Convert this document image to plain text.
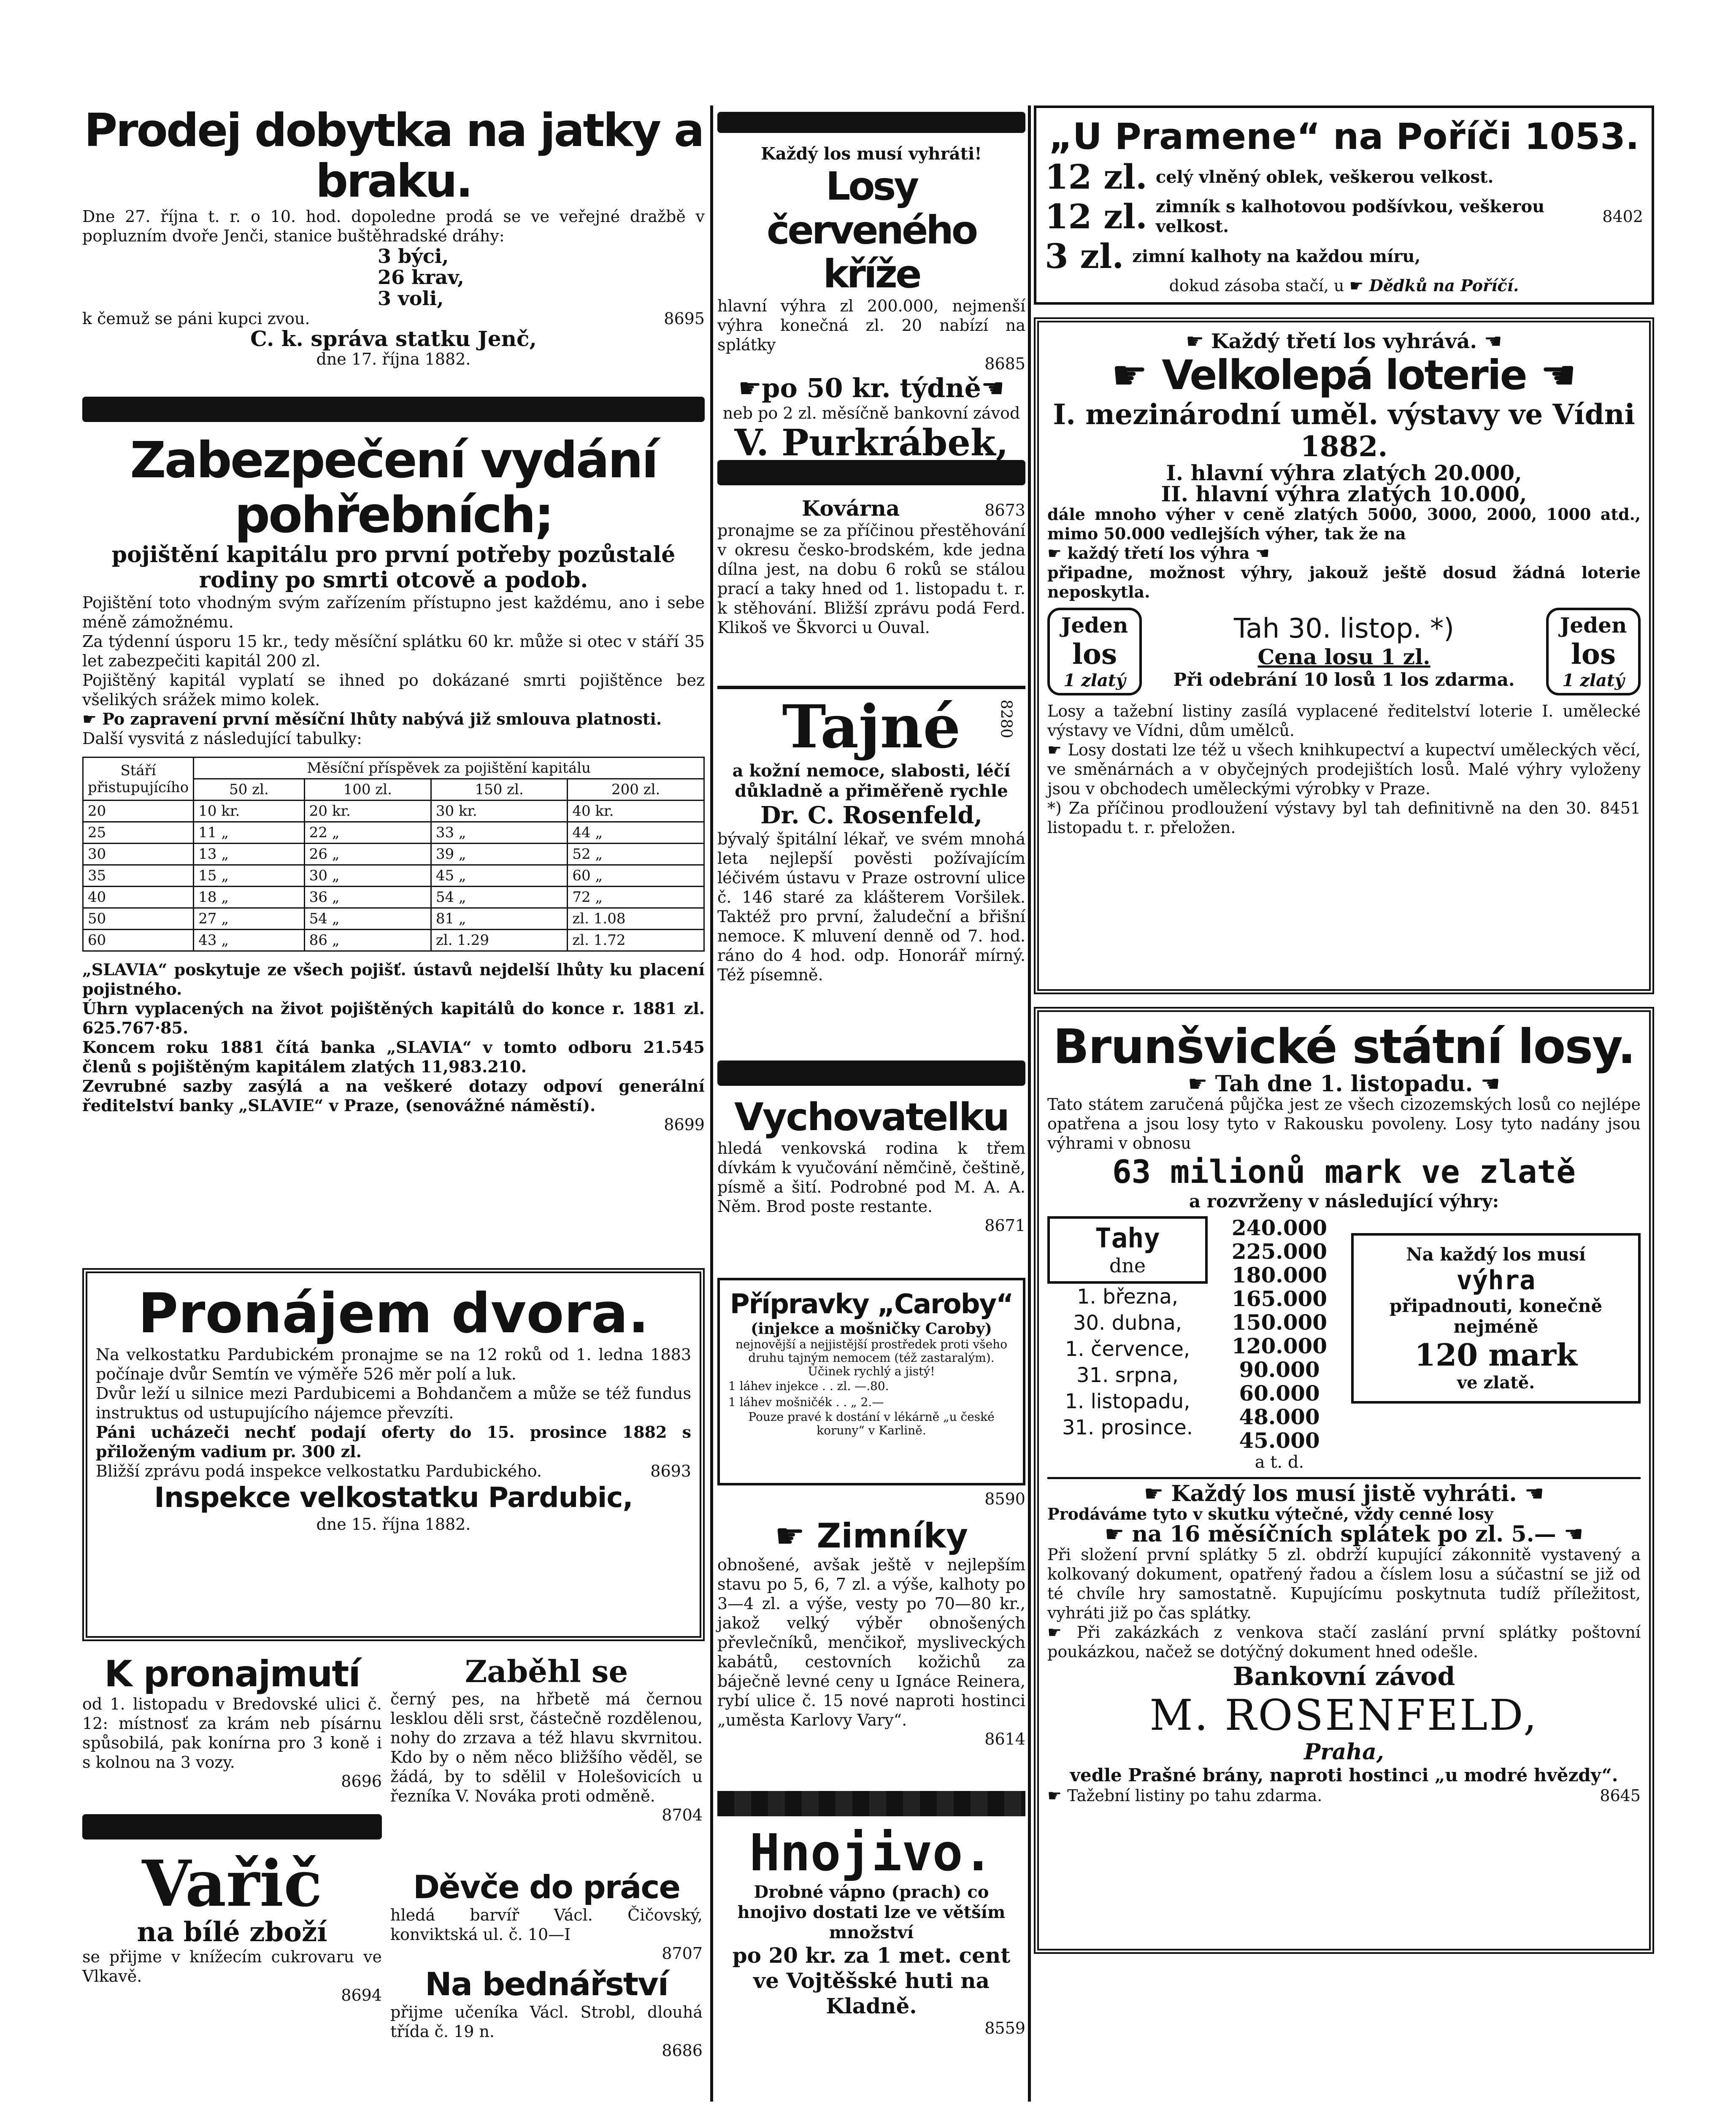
Prodej dobytka na jatky a braku.
Dne 27. října t. r. o 10. hod. dopoledne prodá se ve veřejné dražbě v popluzním dvoře Jenči, stanice buštěhradské dráhy:
3 býci,
26 krav,
3 voli,
k čemuž se páni kupci zvou.	8695
C. k. správa statku Jenč,
dne 17. října 1882.
Zabezpečení vydání pohřebních;
pojištění kapitálu pro první potřeby pozůstalé rodiny po smrti otcově a podob.
Pojištění toto vhodným svým zařízením přístupno jest každému, ano i sebe méně zámožnému.
Za týdenní úsporu 15 kr., tedy měsíční splátku 60 kr. může si otec v stáří 35 let zabezpečiti kapitál 200 zl.
Pojištěný kapitál vyplatí se ihned po dokázané smrti pojištěnce bez všelikých srážek mimo kolek.
☛ Po zapravení první měsíční lhůty nabývá již smlouva platnosti.
Další vysvitá z následující tabulky:
Stáří přistupujícího	Měsíční příspěvek za pojištění kapitálu			
	50 zl.	100 zl.	150 zl.	200 zl.
20	10 kr.	20 kr.	30 kr.	40 kr.
25	11 „	22 „	33 „	44 „
30	13 „	26 „	39 „	52 „
35	15 „	30 „	45 „	60 „
40	18 „	36 „	54 „	72 „
50	27 „	54 „	81 „	zl. 1.08
60	43 „	86 „	zl. 1.29	zl. 1.72
„SLAVIA“ poskytuje ze všech pojišť. ústavů nejdelší lhůty ku placení pojistného.
Úhrn vyplacených na život pojištěných kapitálů do konce r. 1881 zl. 625.767·85.
Koncem roku 1881 čítá banka „SLAVIA“ v tomto odboru 21.545 členů s pojištěným kapitálem zlatých 11,983.210.
Zevrubné sazby zasýlá a na veškeré dotazy odpoví generální ředitelství banky „SLAVIE“ v Praze, (senovážné náměstí).
8699
Pronájem dvora.
Na velkostatku Pardubickém pronajme se na 12 roků od 1. ledna 1883 počínaje dvůr Semtín ve výměře 526 měr polí a luk.
Dvůr leží u silnice mezi Pardubicemi a Bohdančem a může se též fundus instruktus od ustupujícího nájemce převzíti.
Páni ucházeči nechť podají oferty do 15. prosince 1882 s přiloženým vadium pr. 300 zl.
Bližší zprávu podá inspekce velkostatku Pardubického.	8693
Inspekce velkostatku Pardubic,
dne 15. října 1882.
K pronajmutí
od 1. listopadu v Bredovské ulici č. 12: místnosť za krám neb písárnu spůsobilá, pak konírna pro 3 koně i s kolnou na 3 vozy.
8696
Vařič
na bílé zboží
se přijme v knížecím cukrovaru ve Vlkavě.
8694
Zaběhl se
černý pes, na hřbetě má černou lesklou děli srst, částečně rozdělenou, nohy do zrzava a též hlavu skvrnitou. Kdo by o něm něco bližšího věděl, se žádá, by to sdělil v Holešovicích u řezníka V. Nováka proti odměně.
8704
Děvče do práce
hledá barvíř Václ. Čičovský, konviktská ul. č. 10—I
8707
Na bednářství
přijme učeníka Václ. Strobl, dlouhá třída č. 19 n.
8686
Každý los musí vyhráti!
Losy červeného kříže
hlavní výhra zl 200.000, nejmenší výhra konečná zl. 20 nabízí na splátky
8685
☛po 50 kr. týdně☚
neb po 2 zl. měsíčně bankovní závod
V. Purkrábek,
Praha, bredovská ulice 13.
Kovárna	8673
pronajme se za příčinou přestěhování v okresu česko-brodském, kde jedna dílna jest, na dobu 6 roků se stálou prací a taky hned od 1. listopadu t. r. k stěhování. Bližší zprávu podá Ferd. Klikoš ve Škvorci u Ouval.
Tajné	8280
a kožní nemoce, slabosti, léčí důkladně a přiměřeně rychle
Dr. C. Rosenfeld,
bývalý špitální lékař, ve svém mnohá leta nejlepší pověsti požívajícím léčivém ústavu v Praze ostrovní ulice č. 146 staré za klášterem Voršilek. Taktéž pro první, žaludeční a břišní nemoce. K mluvení denně od 7. hod. ráno do 4 hod. odp. Honorář mírný. Též písemně.
Vychovatelku
hledá venkovská rodina k třem dívkám k vyučování němčině, češtině, písmě a šití. Podrobné pod M. A. A. Něm. Brod poste restante.
8671
Přípravky „Caroby“
(injekce a mošničky Caroby)
nejnovější a nejjistější prostředek proti všeho druhu tajným nemocem (též zastaralým). Účinek rychlý a jistý!
1 láhev injekce . . zl. —.80.
1 láhev mošničék . . „ 2.—
Pouze pravé k dostání v lékárně „u české koruny“ v Karlině.
8590
☛ Zimníky
obnošené, avšak ještě v nejlepším stavu po 5, 6, 7 zl. a výše, kalhoty po 3—4 zl. a výše, vesty po 70—80 kr., jakož velký výběr obnošených převlečníků, menčikoř, mysliveckých kabátů, cestovních kožichů za báječně levné ceny u Ignáce Reinera, rybí ulice č. 15 nové naproti hostinci „uměsta Karlovy Vary“.
8614
Hnojivo.
Drobné vápno (prach) co hnojivo dostati lze ve větším množství
po 20 kr. za 1 met. cent
ve Vojtěšské huti na Kladně.
8559
„U Pramene“ na Poříči 1053.
12 zl. celý vlněný oblek, veškerou velkost.
12 zl. zimník s kalhotovou podšívkou, veškerou velkost.	8402
3 zl. zimní kalhoty na každou míru,
dokud zásoba stačí, u ☛ Dědků na Poříčí.
☛ Každý třetí los vyhrává. ☚
☛ Velkolepá loterie ☚
I. mezinárodní uměl. výstavy ve Vídni 1882.
I. hlavní výhra zlatých 20.000,
II. hlavní výhra zlatých 10.000,
dále mnoho výher v ceně zlatých 5000, 3000, 2000, 1000 atd., mimo 50.000 vedlejších výher, tak že na
☛ každý třetí los výhra ☚
připadne, možnost výhry, jakouž ještě dosud žádná loterie neposkytla.
Jeden
los
1 zlatý
Tah 30. listop. *)
Cena losu 1 zl.
Při odebrání 10 losů 1 los zdarma.
Jeden
los
1 zlatý
Losy a tažební listiny zasílá vyplacené ředitelství loterie I. umělecké výstavy ve Vídni, dům umělců.
☛ Losy dostati lze též u všech knihkupectví a kupectví uměleckých věcí, ve směnárnách a v obyčejných prodejištích losů. Malé výhry vyloženy jsou v obchodech uměleckými výrobky v Praze.
*) Za příčinou prodloužení výstavy byl tah definitivně na den 30. listopadu t. r. přeložen.
8451
Brunšvické státní losy.
☛ Tah dne 1. listopadu. ☚
Tato státem zaručená půjčka jest ze všech cizozemských losů co nejlépe opatřena a jsou losy tyto v Rakousku povoleny. Losy tyto nadány jsou výhrami v obnosu
63 milionů mark ve zlatě
a rozvrženy v následující výhry:
Tahy
dne
1. března,
30. dubna,
1. července,
31. srpna,
1. listopadu,
31. prosince.
240.000
225.000
180.000
165.000
150.000
120.000
90.000
60.000
48.000
45.000
a t. d.
Na každý los musí
výhra
připadnouti, konečně nejméně
120 mark
ve zlatě.
☛ Každý los musí jistě vyhráti. ☚
Prodáváme tyto v skutku výtečné, vždy cenné losy
☛ na 16 měsíčních splátek po zl. 5.— ☚
Při složení první splátky 5 zl. obdrží kupující zákonnitě vystavený a kolkovaný dokument, opatřený řadou a číslem losu a súčastní se již od té chvíle hry samostatně. Kupujícímu poskytnuta tudíž příležitost, vyhráti již po čas splátky.
☛ Při zakázkách z venkova stačí zaslání první splátky poštovní poukázkou, načež se dotýčný dokument hned odešle.
Bankovní závod
M. ROSENFELD,
Praha,
vedle Prašné brány, naproti hostinci „u modré hvězdy“.
☛ Tažební listiny po tahu zdarma.	8645
